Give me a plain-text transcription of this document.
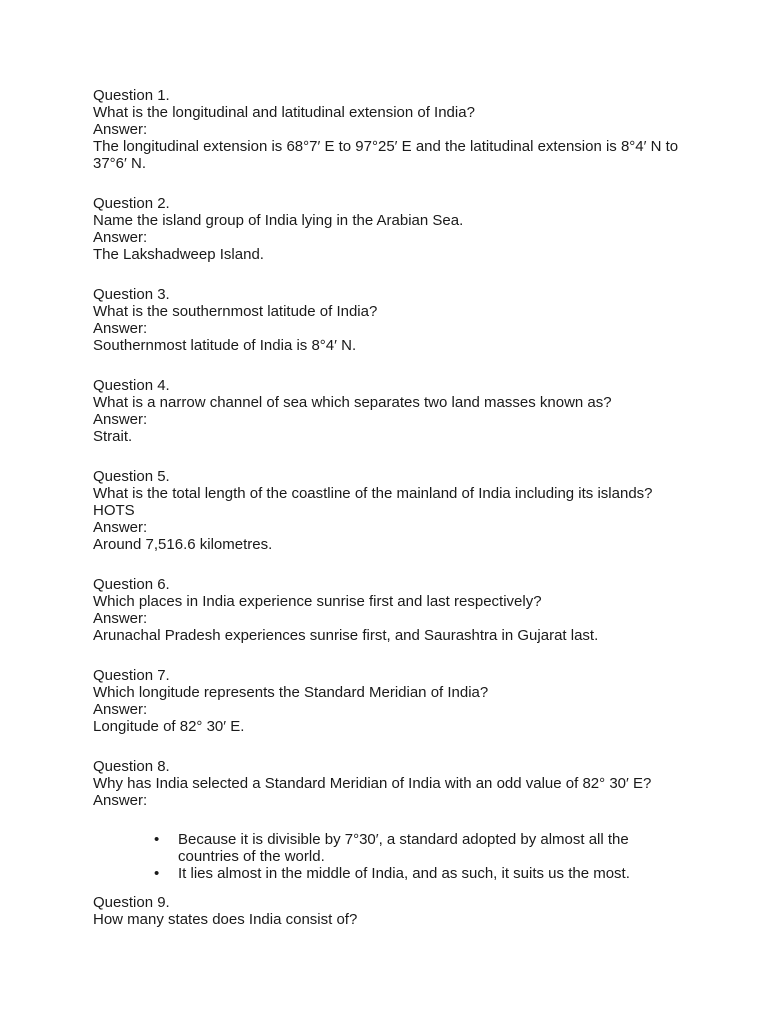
Question 1.
What is the longitudinal and latitudinal extension of India?
Answer:
The longitudinal extension is 68°7′ E to 97°25′ E and the latitudinal extension is 8°4′ N to 37°6′ N.
Question 2.
Name the island group of India lying in the Arabian Sea.
Answer:
The Lakshadweep Island.
Question 3.
What is the southernmost latitude of India?
Answer:
Southernmost latitude of India is 8°4′ N.
Question 4.
What is a narrow channel of sea which separates two land masses known as?
Answer:
Strait.
Question 5.
What is the total length of the coastline of the mainland of India including its islands? HOTS
Answer:
Around 7,516.6 kilometres.
Question 6.
Which places in India experience sunrise first and last respectively?
Answer:
Arunachal Pradesh experiences sunrise first, and Saurashtra in Gujarat last.
Question 7.
Which longitude represents the Standard Meridian of India?
Answer:
Longitude of 82° 30′ E.
Question 8.
Why has India selected a Standard Meridian of India with an odd value of 82° 30′ E?
Answer:
• Because it is divisible by 7°30′, a standard adopted by almost all the countries of the world.
• It lies almost in the middle of India, and as such, it suits us the most.
Question 9.
How many states does India consist of?
